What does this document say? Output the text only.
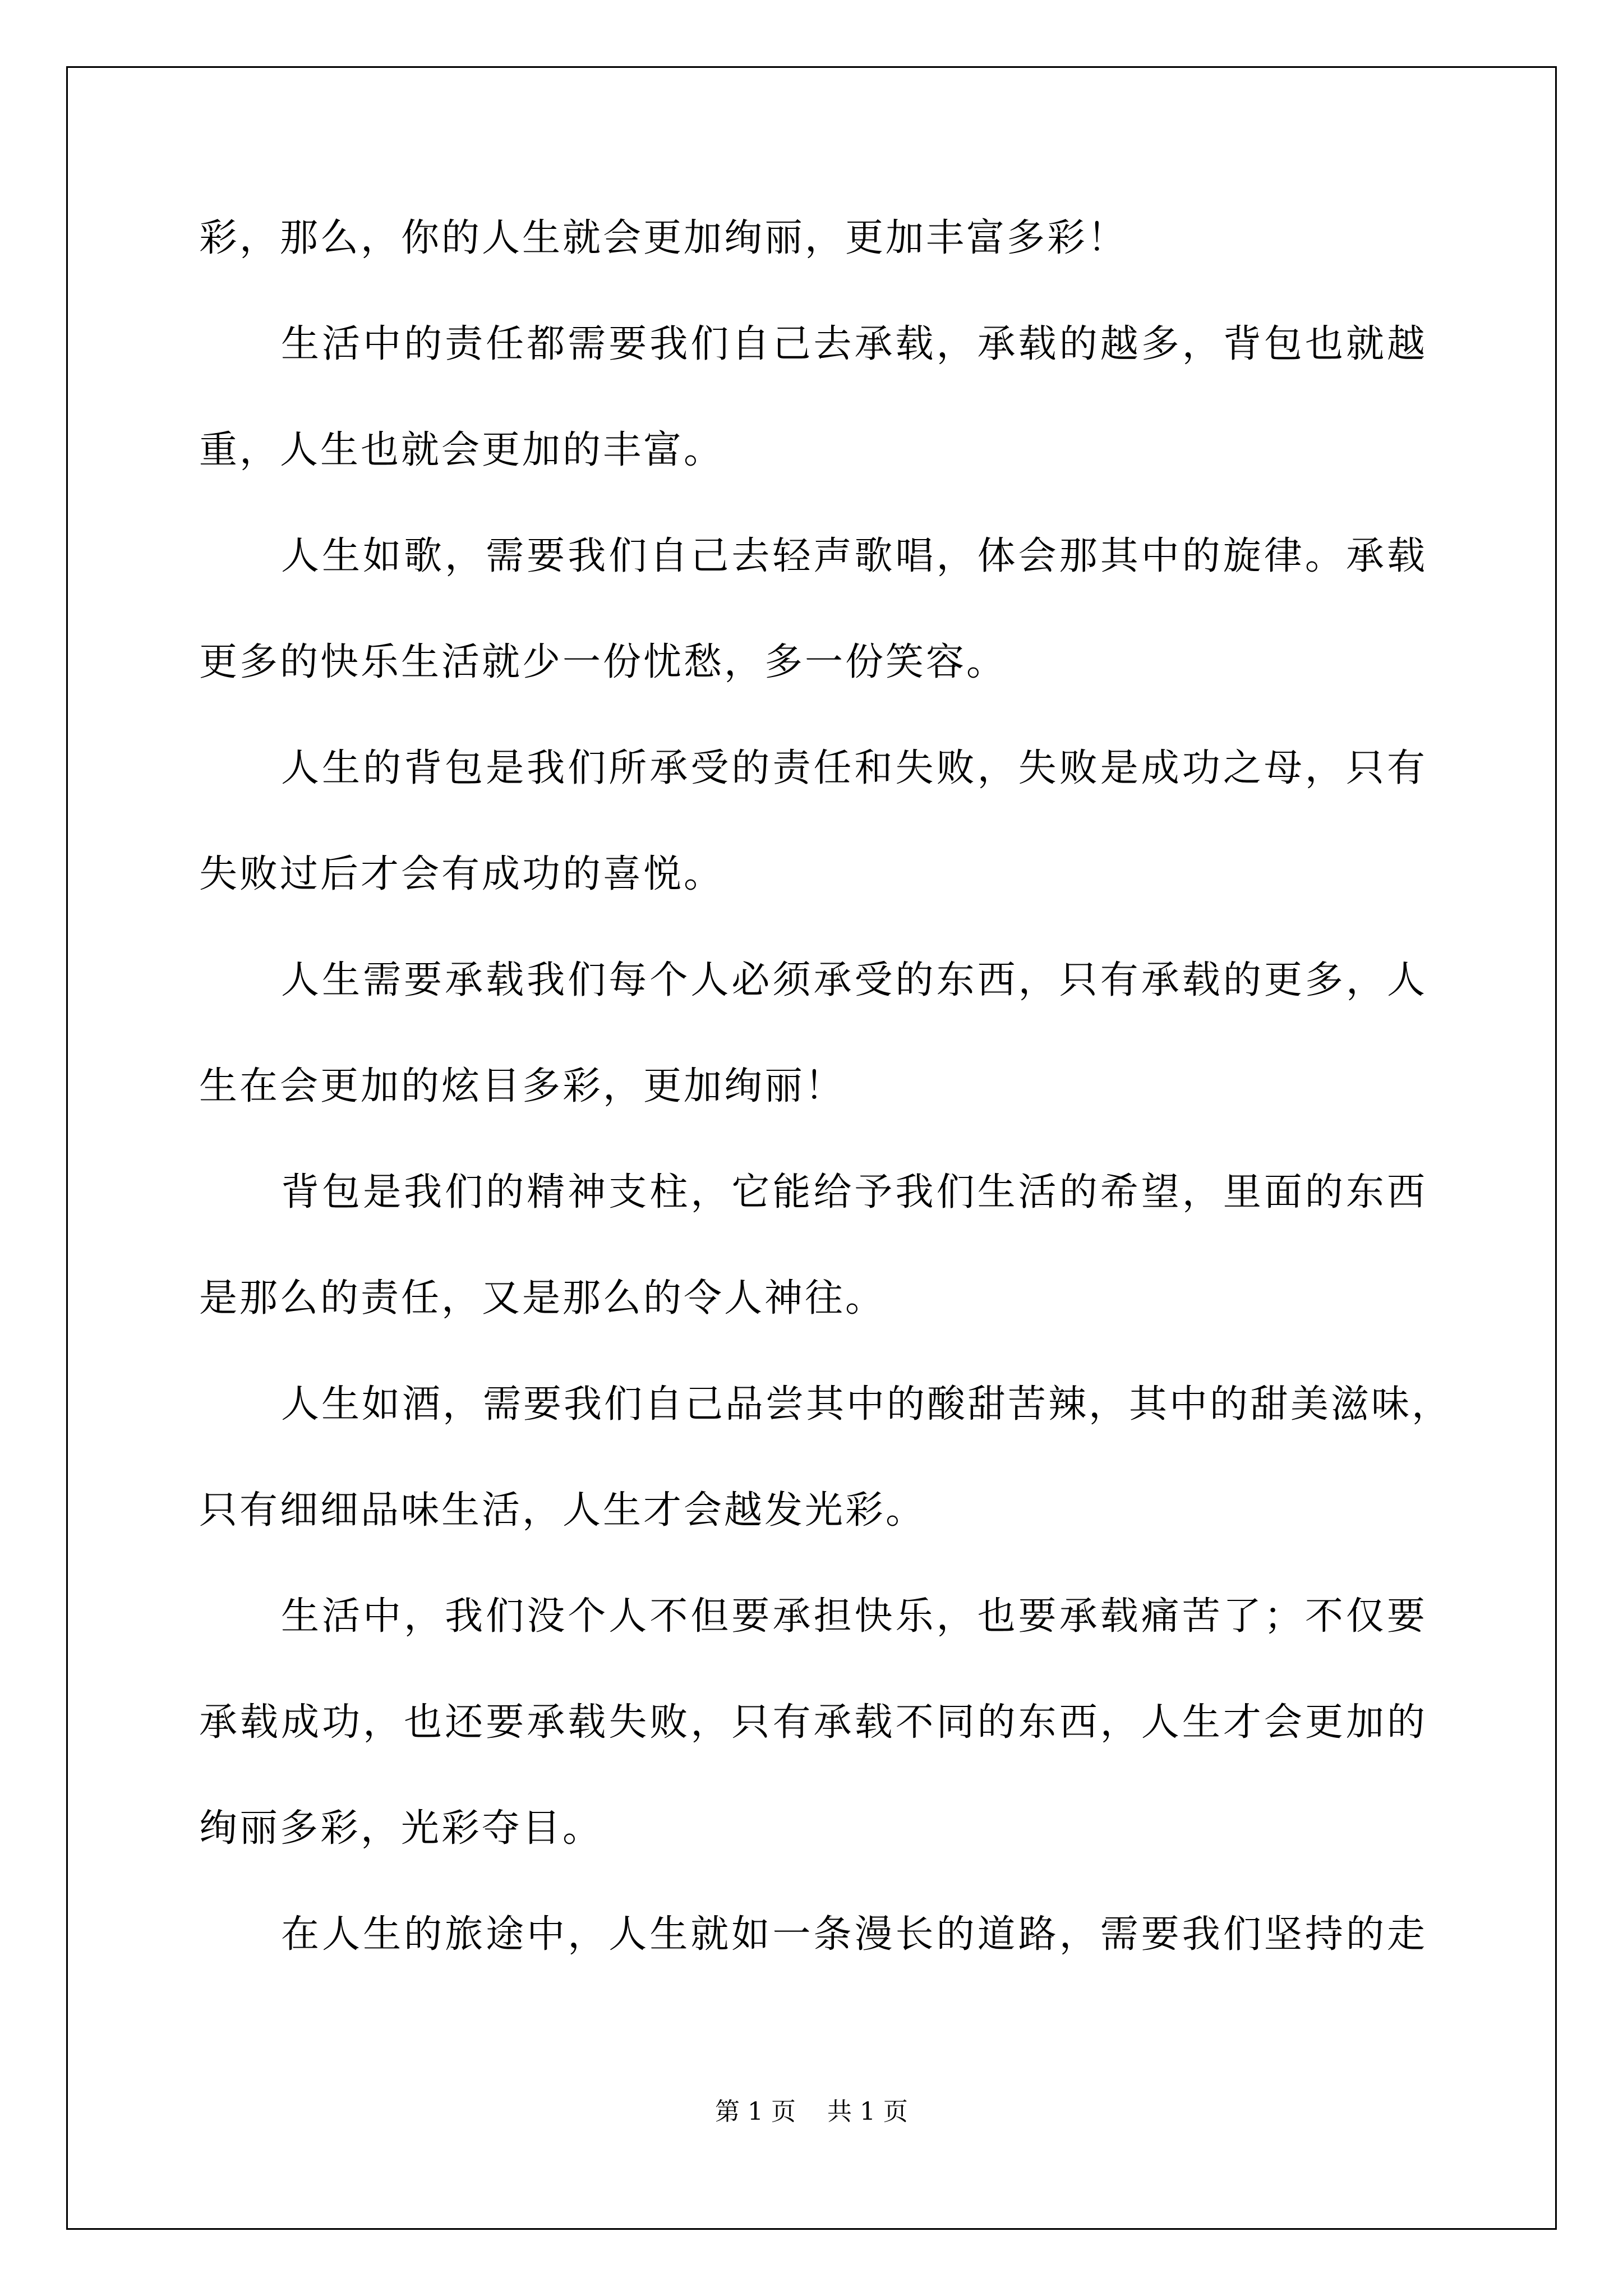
彩，那么，你的人生就会更加绚丽，更加丰富多彩！
生活中的责任都需要我们自己去承载，承载的越多，背包也就越
重，人生也就会更加的丰富。
人生如歌，需要我们自己去轻声歌唱，体会那其中的旋律。承载
更多的快乐生活就少一份忧愁，多一份笑容。
人生的背包是我们所承受的责任和失败，失败是成功之母，只有
失败过后才会有成功的喜悦。
人生需要承载我们每个人必须承受的东西，只有承载的更多，人
生在会更加的炫目多彩，更加绚丽！
背包是我们的精神支柱，它能给予我们生活的希望，里面的东西
是那么的责任，又是那么的令人神往。
人生如酒，需要我们自己品尝其中的酸甜苦辣，其中的甜美滋味，
只有细细品味生活，人生才会越发光彩。
生活中，我们没个人不但要承担快乐，也要承载痛苦了；不仅要
承载成功，也还要承载失败，只有承载不同的东西，人生才会更加的
绚丽多彩，光彩夺目。
在人生的旅途中，人生就如一条漫长的道路，需要我们坚持的走
第 1 页    共 1 页
